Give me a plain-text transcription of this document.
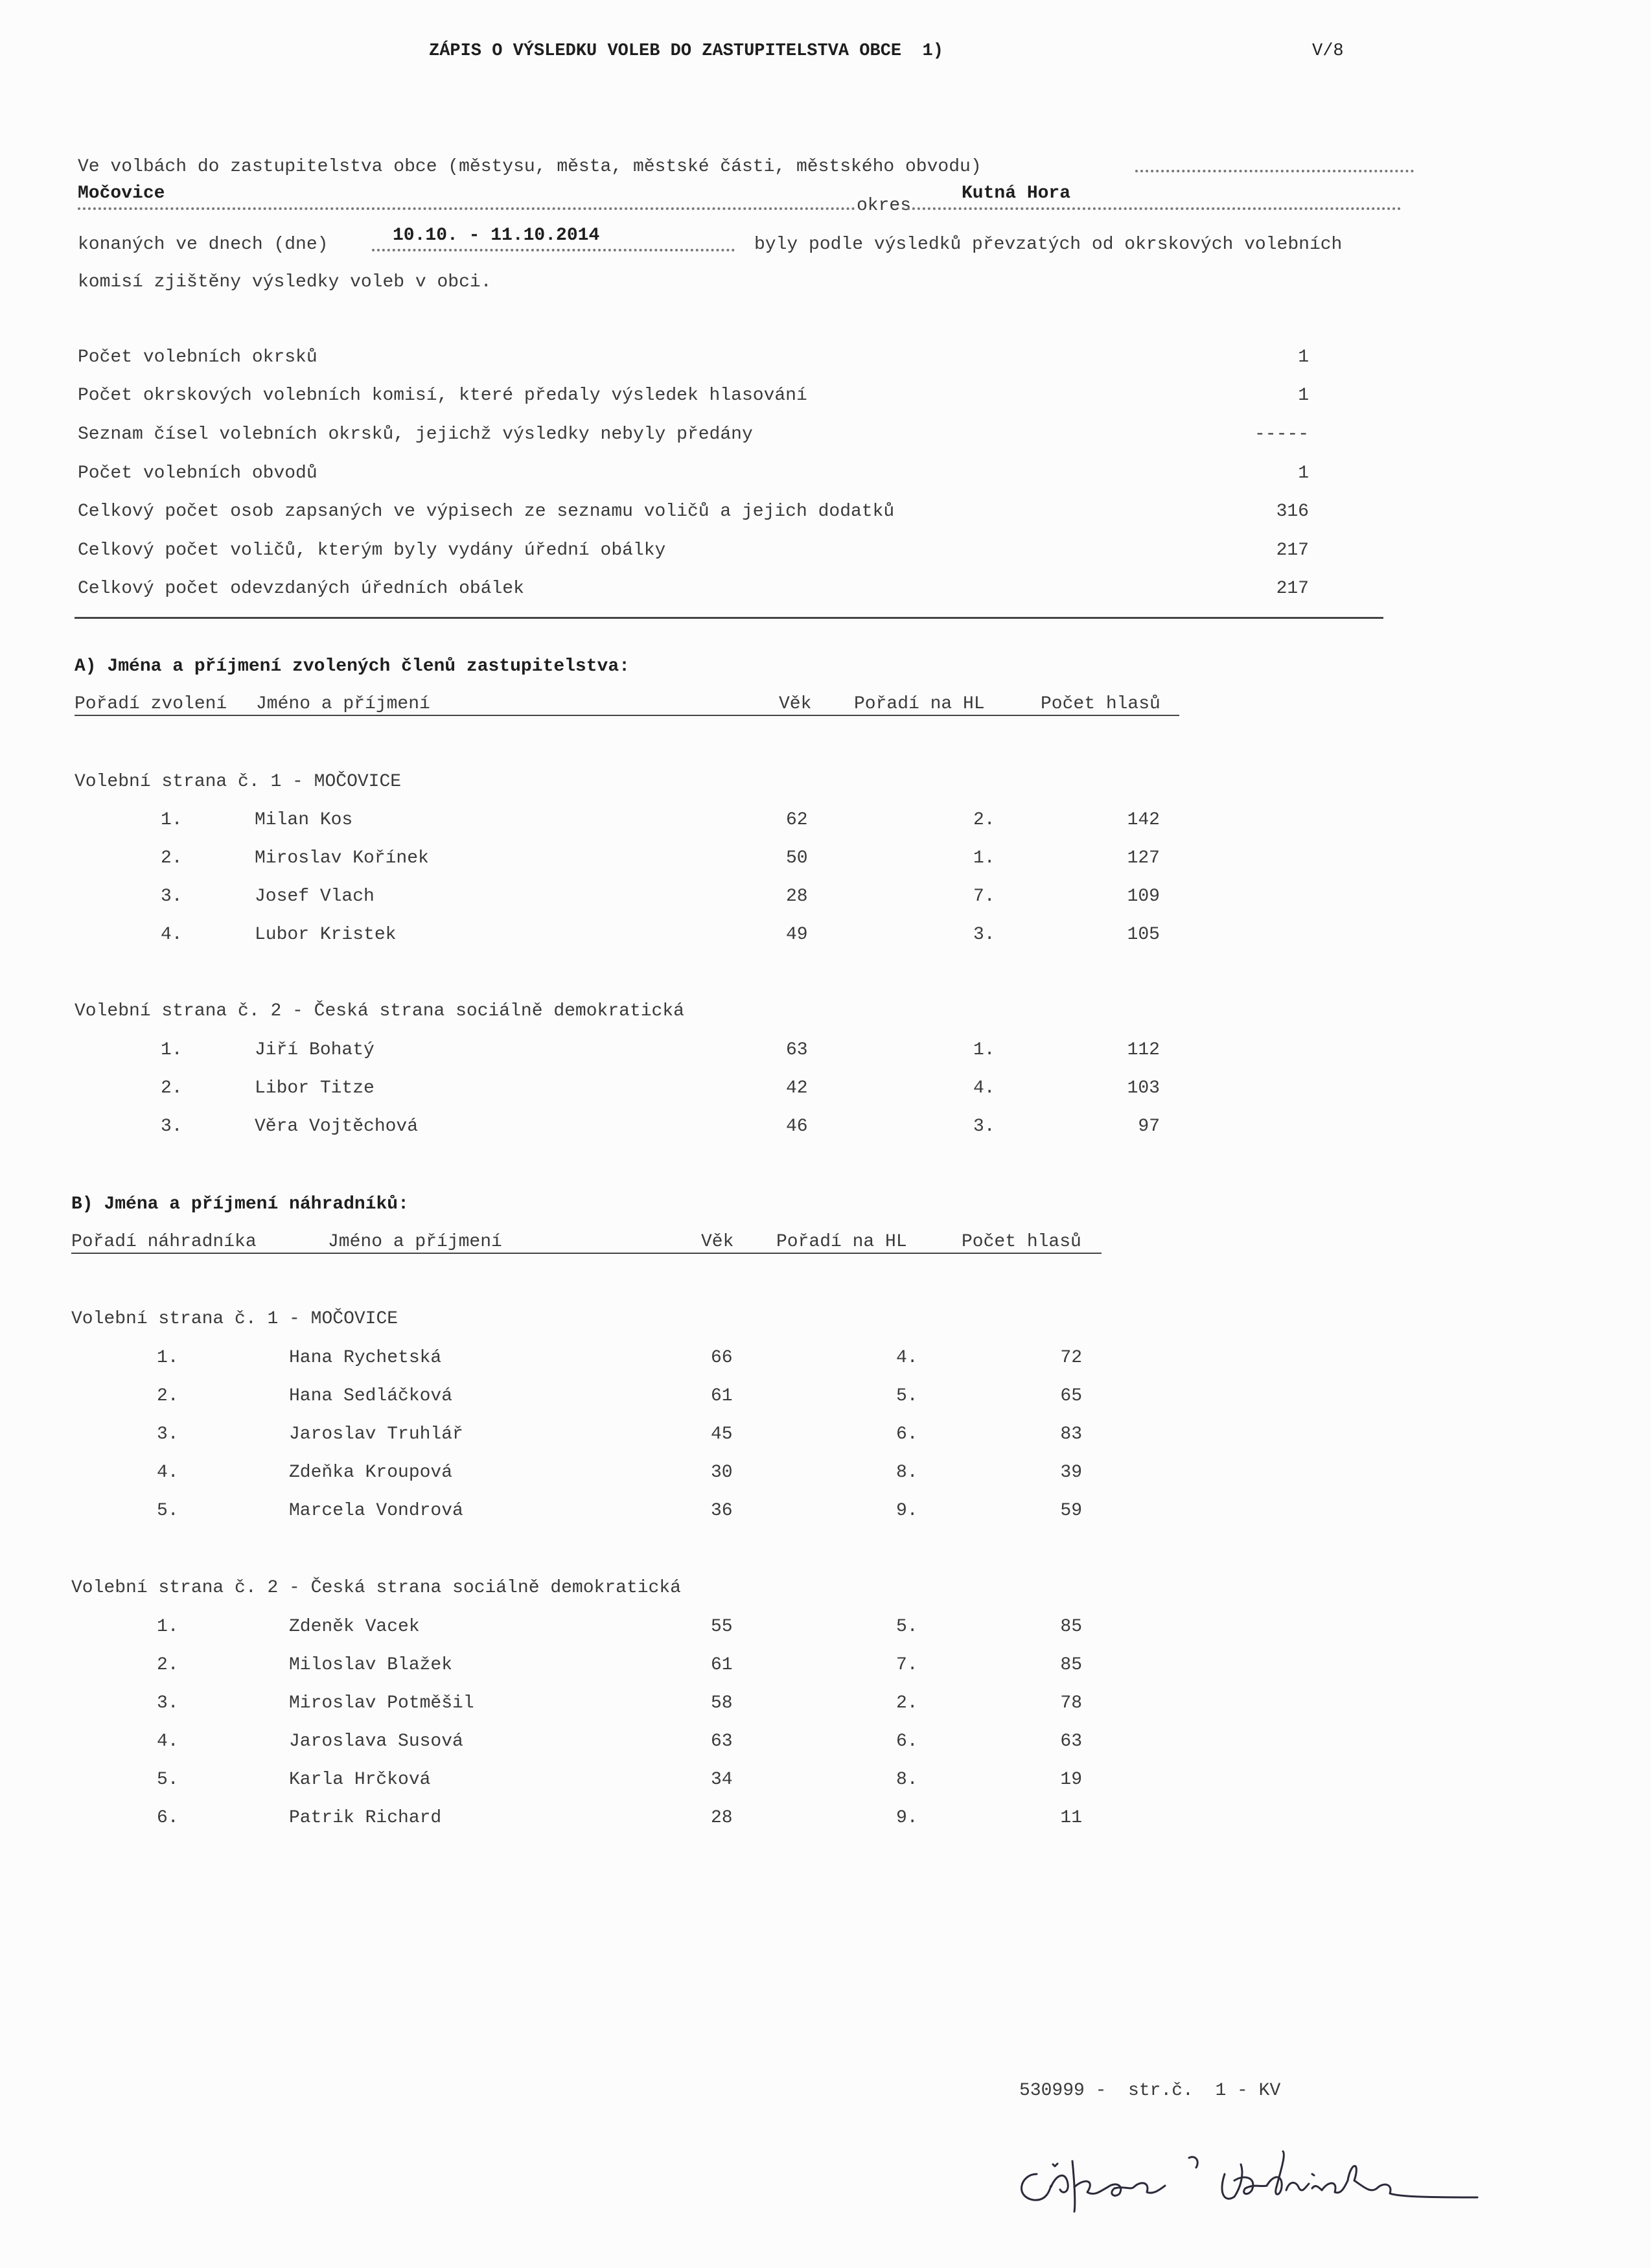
ZÁPIS O VÝSLEDKU VOLEB DO ZASTUPITELSTVA OBCE  1)	V/8
Ve volbách do zastupitelstva obce (městysu, města, městské části, městského obvodu)
Močovice	Kutná Hora
okres
konaných ve dnech (dne)	10.10. - 11.10.2014	byly podle výsledků převzatých od okrskových volebních
komisí zjištěny výsledky voleb v obci.
Počet volebních okrsků	1
Počet okrskových volebních komisí, které předaly výsledek hlasování	1
Seznam čísel volebních okrsků, jejichž výsledky nebyly předány	-----
Počet volebních obvodů	1
Celkový počet osob zapsaných ve výpisech ze seznamu voličů a jejich dodatků	316
Celkový počet voličů, kterým byly vydány úřední obálky	217
Celkový počet odevzdaných úředních obálek	217
A) Jména a příjmení zvolených členů zastupitelstva:
Pořadí zvolení Jméno a příjmení	Věk Pořadí na HL	Počet hlasů
Volební strana č. 1 - MOČOVICE
1.	Milan Kos	62	2.	142
2.	Miroslav Kořínek	50	1.	127
3.	Josef Vlach	28	7.	109
4.	Lubor Kristek	49	3.	105
Volební strana č. 2 - Česká strana sociálně demokratická
1.	Jiří Bohatý	63	1.	112
2.	Libor Titze	42	4.	103
3.	Věra Vojtěchová	46	3.	97
B) Jména a příjmení náhradníků:
Pořadí náhradníka	Jméno a příjmení	Věk Pořadí na HL	Počet hlasů
Volební strana č. 1 - MOČOVICE
1.	Hana Rychetská	66	4.	72
2.	Hana Sedláčková	61	5.	65
3.	Jaroslav Truhlář	45	6.	83
4.	Zdeňka Kroupová	30	8.	39
5.	Marcela Vondrová	36	9.	59
Volební strana č. 2 - Česká strana sociálně demokratická
1.	Zdeněk Vacek	55	5.	85
2.	Miloslav Blažek	61	7.	85
3.	Miroslav Potměšil	58	2.	78
4.	Jaroslava Susová	63	6.	63
5.	Karla Hrčková	34	8.	19
6.	Patrik Richard	28	9.	11
530999 -  str.č.  1 - KV
